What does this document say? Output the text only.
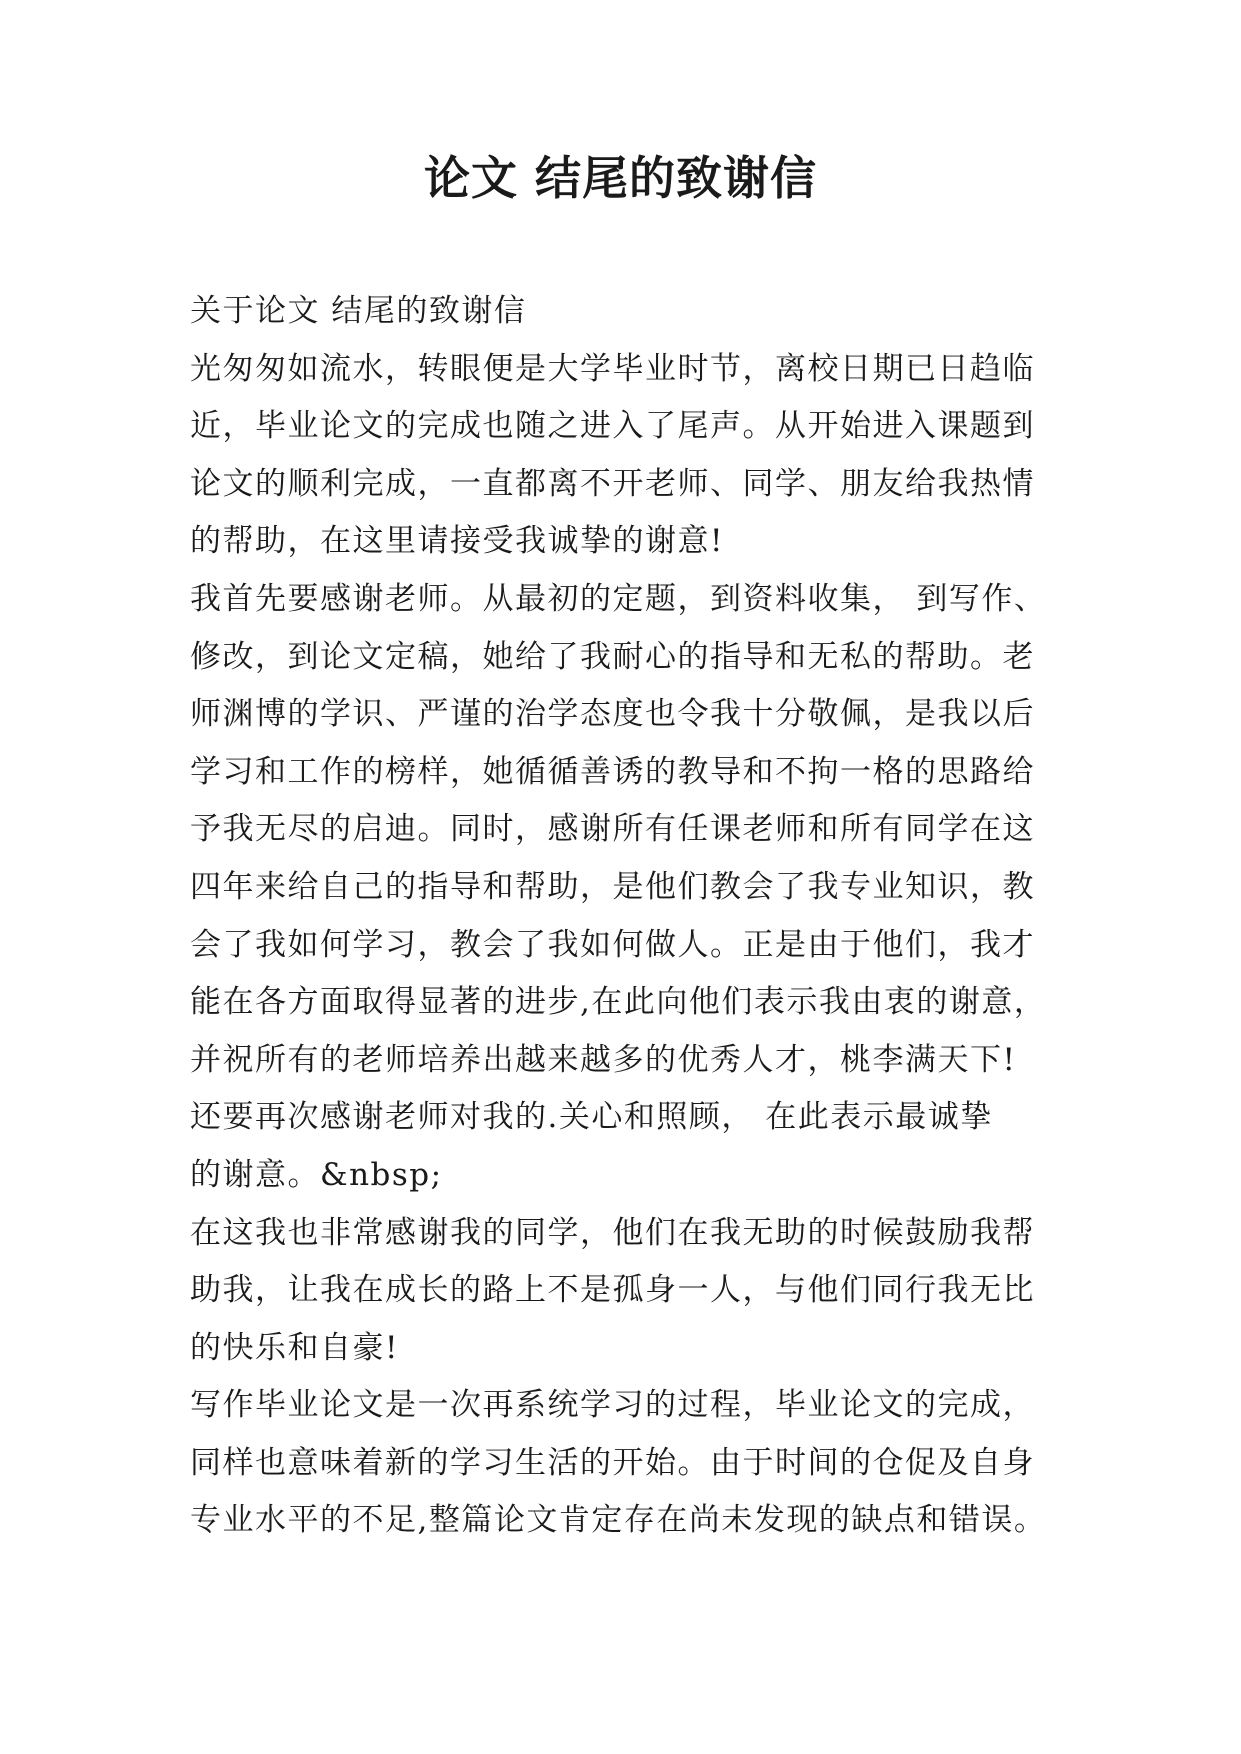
论文 结尾的致谢信
关于论文 结尾的致谢信
光匆匆如流水，转眼便是大学毕业时节，离校日期已日趋临
近，毕业论文的完成也随之进入了尾声。从开始进入课题到
论文的顺利完成，一直都离不开老师、同学、朋友给我热情
的帮助，在这里请接受我诚挚的谢意!
我首先要感谢老师。从最初的定题，到资料收集， 到写作、
修改，到论文定稿，她给了我耐心的指导和无私的帮助。老
师渊博的学识、严谨的治学态度也令我十分敬佩，是我以后
学习和工作的榜样，她循循善诱的教导和不拘一格的思路给
予我无尽的启迪。同时，感谢所有任课老师和所有同学在这
四年来给自己的指导和帮助，是他们教会了我专业知识，教
会了我如何学习，教会了我如何做人。正是由于他们，我才
能在各方面取得显著的进步,在此向他们表示我由衷的谢意，
并祝所有的老师培养出越来越多的优秀人才，桃李满天下!
还要再次感谢老师对我的.关心和照顾， 在此表示最诚挚
的谢意。&nbsp;
在这我也非常感谢我的同学，他们在我无助的时候鼓励我帮
助我，让我在成长的路上不是孤身一人，与他们同行我无比
的快乐和自豪!
写作毕业论文是一次再系统学习的过程，毕业论文的完成，
同样也意味着新的学习生活的开始。由于时间的仓促及自身
专业水平的不足,整篇论文肯定存在尚未发现的缺点和错误。
